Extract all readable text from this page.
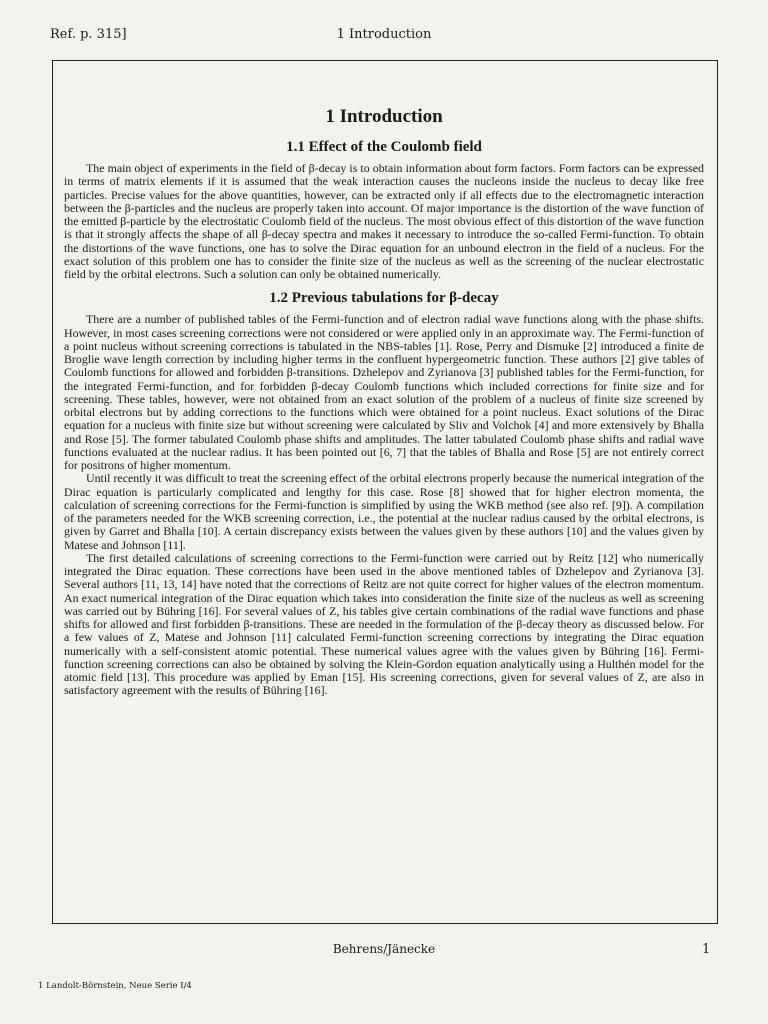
Ref. p. 315]	1 Introduction
1 Introduction
1.1 Effect of the Coulomb field

The main object of experiments in the field of β-decay is to obtain information about form factors. Form factors can be expressed in terms of matrix elements if it is assumed that the weak interaction causes the nucleons inside the nucleus to decay like free particles. Precise values for the above quantities, however, can be extracted only if all effects due to the electromagnetic interaction between the β-particles and the nucleus are properly taken into account. Of major importance is the distortion of the wave function of the emitted β-particle by the electrostatic Coulomb field of the nucleus. The most obvious effect of this distortion of the wave function is that it strongly affects the shape of all β-decay spectra and makes it necessary to introduce the so-called Fermi-function. To obtain the distortions of the wave functions, one has to solve the Dirac equation for an unbound electron in the field of a nucleus. For the exact solution of this problem one has to consider the finite size of the nucleus as well as the screening of the nuclear electrostatic field by the orbital electrons. Such a solution can only be obtained numerically.

1.2 Previous tabulations for β-decay

There are a number of published tables of the Fermi-function and of electron radial wave functions along with the phase shifts. However, in most cases screening corrections were not considered or were applied only in an approximate way. The Fermi-function of a point nucleus without screening corrections is tabulated in the NBS-tables [1]. Rose, Perry and Dismuke [2] introduced a finite de Broglie wave length correction by including higher terms in the confluent hypergeometric function. These authors [2] give tables of Coulomb functions for allowed and forbidden β-transitions. Dzhelepov and Zyrianova [3] published tables for the Fermi-function, for the integrated Fermi-function, and for forbidden β-decay Coulomb functions which included corrections for finite size and for screening. These tables, however, were not obtained from an exact solution of the problem of a nucleus of finite size screened by orbital electrons but by adding corrections to the functions which were obtained for a point nucleus. Exact solutions of the Dirac equation for a nucleus with finite size but without screening were calculated by Sliv and Volchok [4] and more extensively by Bhalla and Rose [5]. The former tabulated Coulomb phase shifts and amplitudes. The latter tabulated Coulomb phase shifts and radial wave functions evaluated at the nuclear radius. It has been pointed out [6, 7] that the tables of Bhalla and Rose [5] are not entirely correct for positrons of higher momentum.

Until recently it was difficult to treat the screening effect of the orbital electrons properly because the numerical integration of the Dirac equation is particularly complicated and lengthy for this case. Rose [8] showed that for higher electron momenta, the calculation of screening corrections for the Fermi-function is simplified by using the WKB method (see also ref. [9]). A compilation of the parameters needed for the WKB screening correction, i.e., the potential at the nuclear radius caused by the orbital electrons, is given by Garret and Bhalla [10]. A certain discrepancy exists between the values given by these authors [10] and the values given by Matese and Johnson [11].

The first detailed calculations of screening corrections to the Fermi-function were carried out by Reitz [12] who numerically integrated the Dirac equation. These corrections have been used in the above mentioned tables of Dzhelepov and Zyrianova [3]. Several authors [11, 13, 14] have noted that the corrections of Reitz are not quite correct for higher values of the electron momentum. An exact numerical integration of the Dirac equation which takes into consideration the finite size of the nucleus as well as screening was carried out by Bühring [16]. For several values of Z, his tables give certain combinations of the radial wave functions and phase shifts for allowed and first forbidden β-transitions. These are needed in the formulation of the β-decay theory as discussed below. For a few values of Z, Matese and Johnson [11] calculated Fermi-function screening corrections by integrating the Dirac equation numerically with a self-consistent atomic potential. These numerical values agree with the values given by Bühring [16]. Fermi-function screening corrections can also be obtained by solving the Klein-Gordon equation analytically using a Hulthén model for the atomic field [13]. This procedure was applied by Eman [15]. His screening corrections, given for several values of Z, are also in satisfactory agreement with the results of Bühring [16].

Behrens/Jänecke	1
1 Landolt-Börnstein, Neue Serie I/4
